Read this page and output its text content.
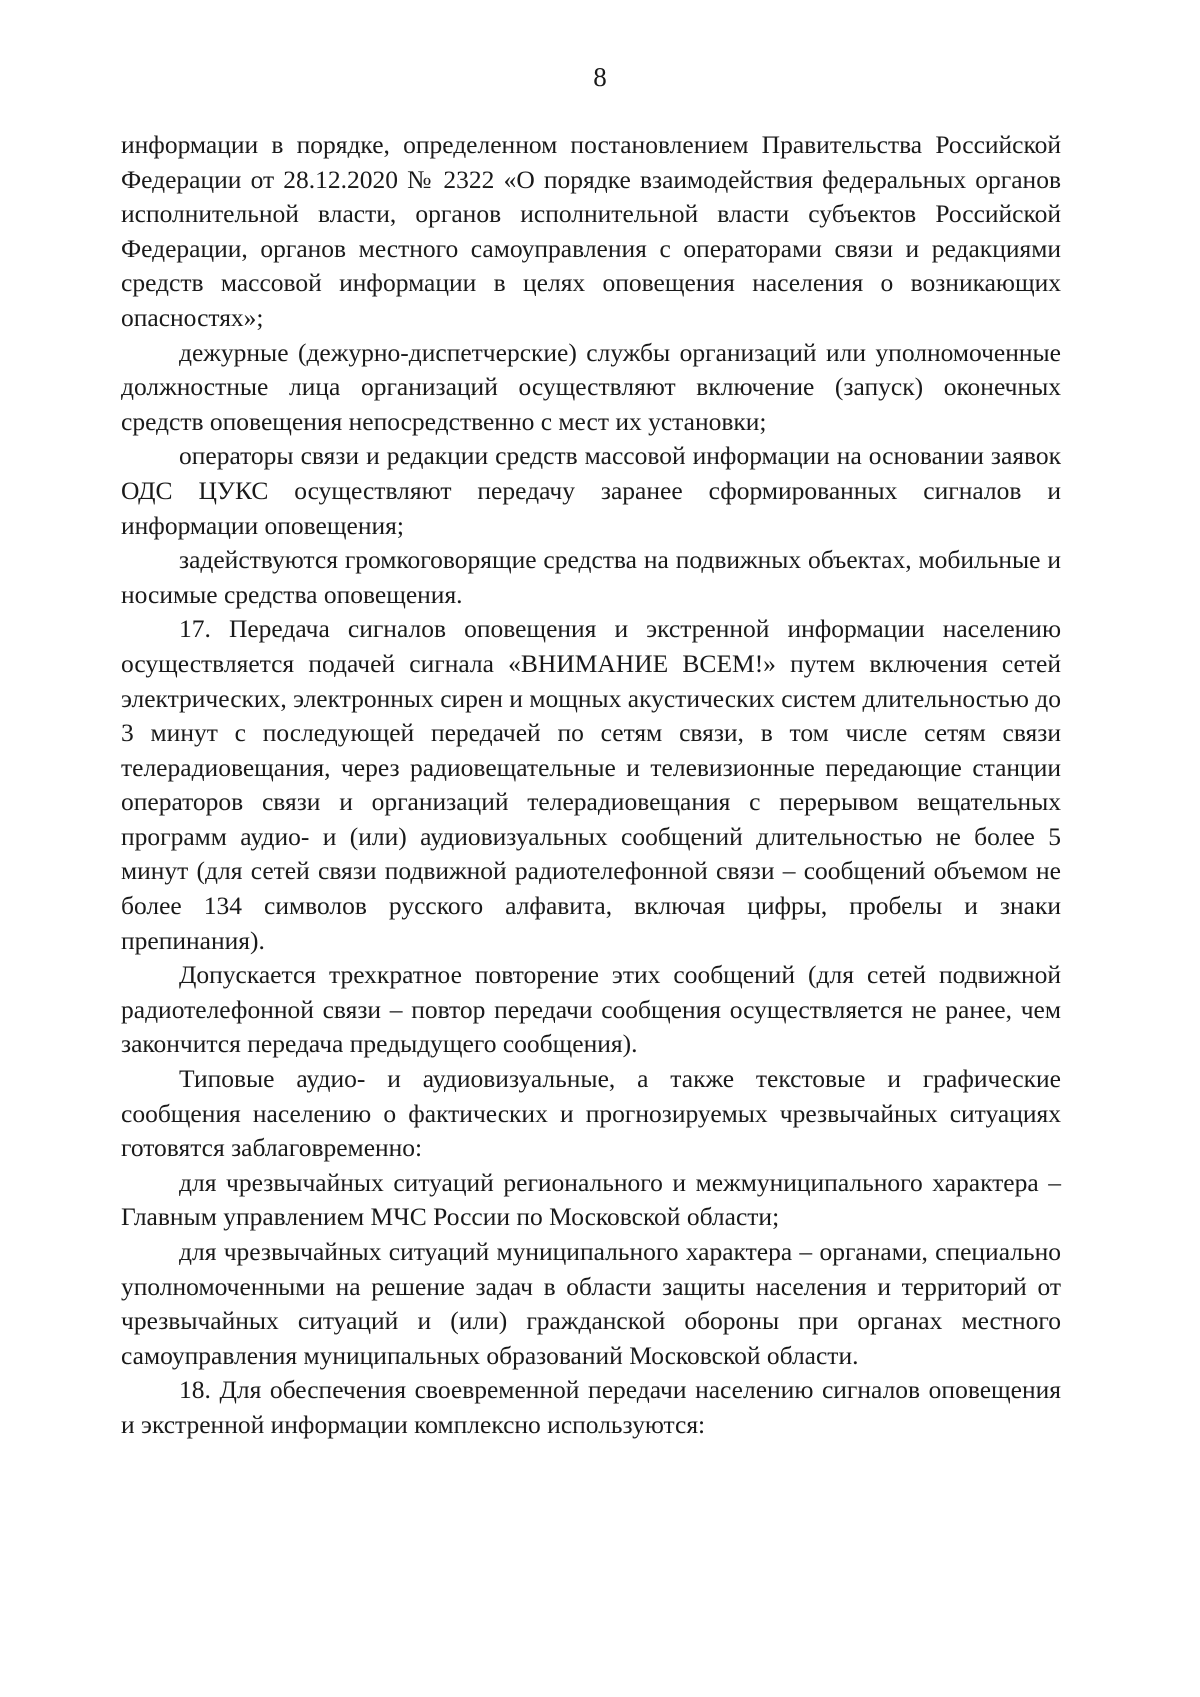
8

информации в порядке, определенном постановлением Правительства Российской Федерации от 28.12.2020 № 2322 «О порядке взаимодействия федеральных органов исполнительной власти, органов исполнительной власти субъектов Российской Федерации, органов местного самоуправления с операторами связи и редакциями средств массовой информации в целях оповещения населения о возникающих опасностях»;

дежурные (дежурно-диспетчерские) службы организаций или уполномоченные должностные лица организаций осуществляют включение (запуск) оконечных средств оповещения непосредственно с мест их установки;

операторы связи и редакции средств массовой информации на основании заявок ОДС ЦУКС осуществляют передачу заранее сформированных сигналов и информации оповещения;

задействуются громкоговорящие средства на подвижных объектах, мобильные и носимые средства оповещения.

17. Передача сигналов оповещения и экстренной информации населению осуществляется подачей сигнала «ВНИМАНИЕ ВСЕМ!» путем включения сетей электрических, электронных сирен и мощных акустических систем длительностью до 3 минут с последующей передачей по сетям связи, в том числе сетям связи телерадиовещания, через радиовещательные и телевизионные передающие станции операторов связи и организаций телерадиовещания с перерывом вещательных программ аудио- и (или) аудиовизуальных сообщений длительностью не более 5 минут (для сетей связи подвижной радиотелефонной связи – сообщений объемом не более 134 символов русского алфавита, включая цифры, пробелы и знаки препинания).

Допускается трехкратное повторение этих сообщений (для сетей подвижной радиотелефонной связи – повтор передачи сообщения осуществляется не ранее, чем закончится передача предыдущего сообщения).

Типовые аудио- и аудиовизуальные, а также текстовые и графические сообщения населению о фактических и прогнозируемых чрезвычайных ситуациях готовятся заблаговременно:

для чрезвычайных ситуаций регионального и межмуниципального характера – Главным управлением МЧС России по Московской области;

для чрезвычайных ситуаций муниципального характера – органами, специально уполномоченными на решение задач в области защиты населения и территорий от чрезвычайных ситуаций и (или) гражданской обороны при органах местного самоуправления муниципальных образований Московской области.

18. Для обеспечения своевременной передачи населению сигналов оповещения и экстренной информации комплексно используются:
